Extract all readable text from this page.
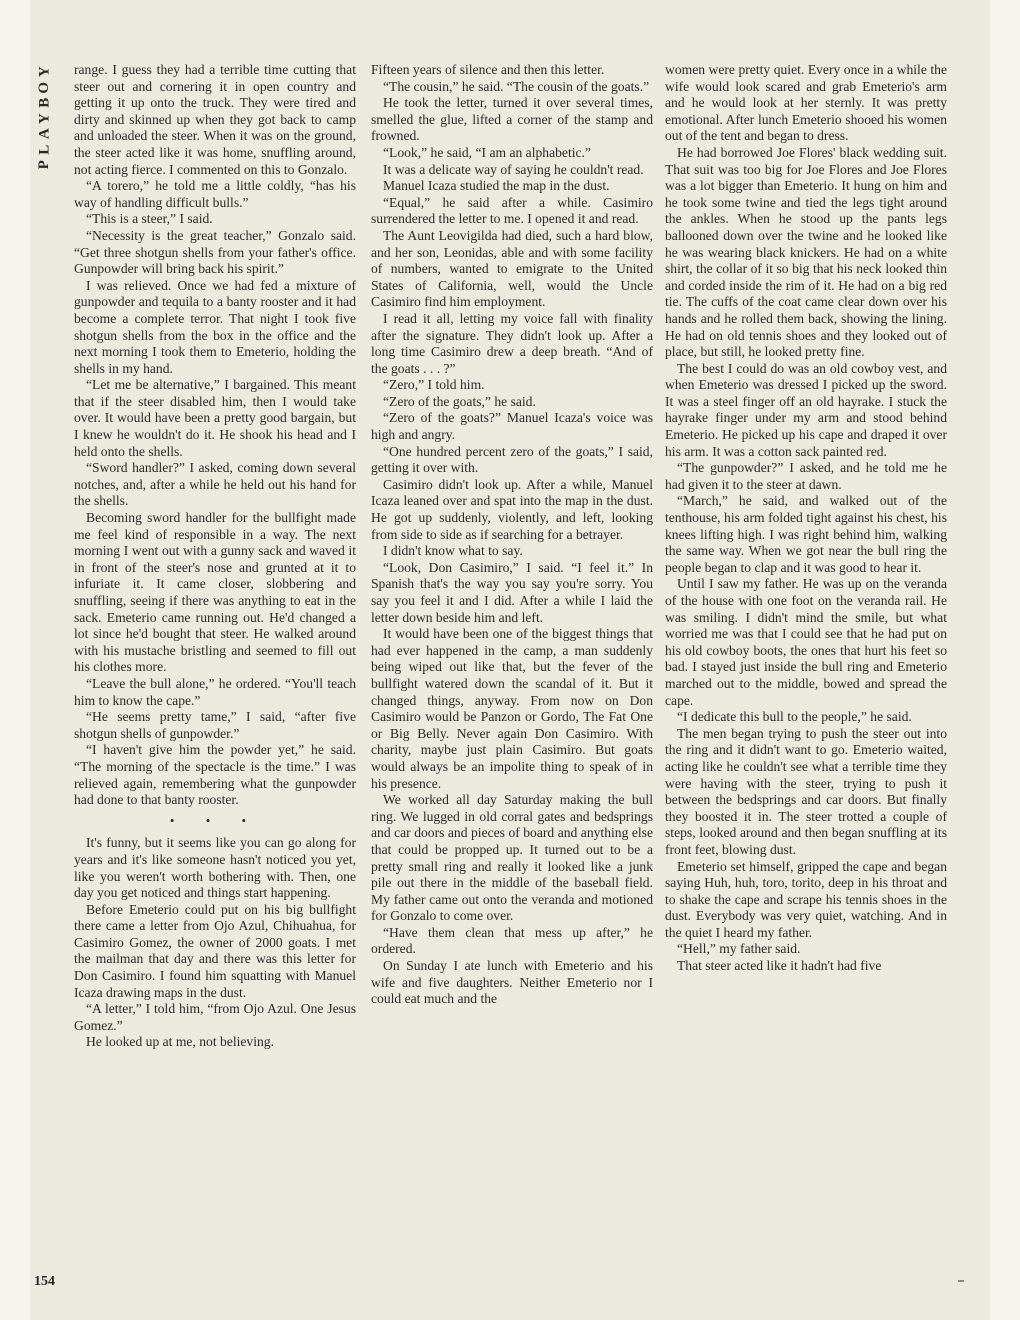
Y
O
B
Y
A
L
P

range. I guess they had a terrible time cutting that steer out and cornering it in open country and getting it up onto the truck. They were tired and dirty and skinned up when they got back to camp and unloaded the steer. When it was on the ground, the steer acted like it was home, snuffling around, not acting fierce. I commented on this to Gonzalo.

“A torero,” he told me a little coldly, “has his way of handling difficult bulls.”

“This is a steer,” I said.

“Necessity is the great teacher,” Gonzalo said. “Get three shotgun shells from your father's office. Gunpowder will bring back his spirit.”

I was relieved. Once we had fed a mixture of gunpowder and tequila to a banty rooster and it had become a complete terror. That night I took five shotgun shells from the box in the office and the next morning I took them to Emeterio, holding the shells in my hand.

“Let me be alternative,” I bargained. This meant that if the steer disabled him, then I would take over. It would have been a pretty good bargain, but I knew he wouldn't do it. He shook his head and I held onto the shells.

“Sword handler?” I asked, coming down several notches, and, after a while he held out his hand for the shells.

Becoming sword handler for the bullfight made me feel kind of responsible in a way. The next morning I went out with a gunny sack and waved it in front of the steer's nose and grunted at it to infuriate it. It came closer, slobbering and snuffling, seeing if there was anything to eat in the sack. Emeterio came running out. He'd changed a lot since he'd bought that steer. He walked around with his mustache bristling and seemed to fill out his clothes more.

“Leave the bull alone,” he ordered. “You'll teach him to know the cape.”

“He seems pretty tame,” I said, “after five shotgun shells of gunpowder.”

“I haven't give him the powder yet,” he said. “The morning of the spectacle is the time.” I was relieved again, remembering what the gunpowder had done to that banty rooster.

• • •

It's funny, but it seems like you can go along for years and it's like someone hasn't noticed you yet, like you weren't worth bothering with. Then, one day you get noticed and things start happening.

Before Emeterio could put on his big bullfight there came a letter from Ojo Azul, Chihuahua, for Casimiro Gomez, the owner of 2000 goats. I met the mailman that day and there was this letter for Don Casimiro. I found him squatting with Manuel Icaza drawing maps in the dust.

“A letter,” I told him, “from Ojo Azul. One Jesus Gomez.”

He looked up at me, not believing.

Fifteen years of silence and then this letter.

“The cousin,” he said. “The cousin of the goats.”

He took the letter, turned it over several times, smelled the glue, lifted a corner of the stamp and frowned.

“Look,” he said, “I am an alphabetic.”

It was a delicate way of saying he couldn't read.

Manuel Icaza studied the map in the dust.

“Equal,” he said after a while. Casimiro surrendered the letter to me. I opened it and read.

The Aunt Leovigilda had died, such a hard blow, and her son, Leonidas, able and with some facility of numbers, wanted to emigrate to the United States of California, well, would the Uncle Casimiro find him employment.

I read it all, letting my voice fall with finality after the signature. They didn't look up. After a long time Casimiro drew a deep breath. “And of the goats . . . ?”

“Zero,” I told him.

“Zero of the goats,” he said.

“Zero of the goats?” Manuel Icaza's voice was high and angry.

“One hundred percent zero of the goats,” I said, getting it over with.

Casimiro didn't look up. After a while, Manuel Icaza leaned over and spat into the map in the dust. He got up suddenly, violently, and left, looking from side to side as if searching for a betrayer.

I didn't know what to say.

“Look, Don Casimiro,” I said. “I feel it.” In Spanish that's the way you say you're sorry. You say you feel it and I did. After a while I laid the letter down beside him and left.

It would have been one of the biggest things that had ever happened in the camp, a man suddenly being wiped out like that, but the fever of the bullfight watered down the scandal of it. But it changed things, anyway. From now on Don Casimiro would be Panzon or Gordo, The Fat One or Big Belly. Never again Don Casimiro. With charity, maybe just plain Casimiro. But goats would always be an impolite thing to speak of in his presence.

We worked all day Saturday making the bull ring. We lugged in old corral gates and bedsprings and car doors and pieces of board and anything else that could be propped up. It turned out to be a pretty small ring and really it looked like a junk pile out there in the middle of the baseball field. My father came out onto the veranda and motioned for Gonzalo to come over.

“Have them clean that mess up after,” he ordered.

On Sunday I ate lunch with Emeterio and his wife and five daughters. Neither Emeterio nor I could eat much and the

women were pretty quiet. Every once in a while the wife would look scared and grab Emeterio's arm and he would look at her sternly. It was pretty emotional. After lunch Emeterio shooed his women out of the tent and began to dress.

He had borrowed Joe Flores' black wedding suit. That suit was too big for Joe Flores and Joe Flores was a lot bigger than Emeterio. It hung on him and he took some twine and tied the legs tight around the ankles. When he stood up the pants legs ballooned down over the twine and he looked like he was wearing black knickers. He had on a white shirt, the collar of it so big that his neck looked thin and corded inside the rim of it. He had on a big red tie. The cuffs of the coat came clear down over his hands and he rolled them back, showing the lining. He had on old tennis shoes and they looked out of place, but still, he looked pretty fine.

The best I could do was an old cowboy vest, and when Emeterio was dressed I picked up the sword. It was a steel finger off an old hayrake. I stuck the hayrake finger under my arm and stood behind Emeterio. He picked up his cape and draped it over his arm. It was a cotton sack painted red.

“The gunpowder?” I asked, and he told me he had given it to the steer at dawn.

“March,” he said, and walked out of the tenthouse, his arm folded tight against his chest, his knees lifting high. I was right behind him, walking the same way. When we got near the bull ring the people began to clap and it was good to hear it.

Until I saw my father. He was up on the veranda of the house with one foot on the veranda rail. He was smiling. I didn't mind the smile, but what worried me was that I could see that he had put on his old cowboy boots, the ones that hurt his feet so bad. I stayed just inside the bull ring and Emeterio marched out to the middle, bowed and spread the cape.

“I dedicate this bull to the people,” he said.

The men began trying to push the steer out into the ring and it didn't want to go. Emeterio waited, acting like he couldn't see what a terrible time they were having with the steer, trying to push it between the bedsprings and car doors. But finally they boosted it in. The steer trotted a couple of steps, looked around and then began snuffling at its front feet, blowing dust.

Emeterio set himself, gripped the cape and began saying Huh, huh, toro, torito, deep in his throat and to shake the cape and scrape his tennis shoes in the dust. Everybody was very quiet, watching. And in the quiet I heard my father.

“Hell,” my father said.

That steer acted like it hadn't had five

154
